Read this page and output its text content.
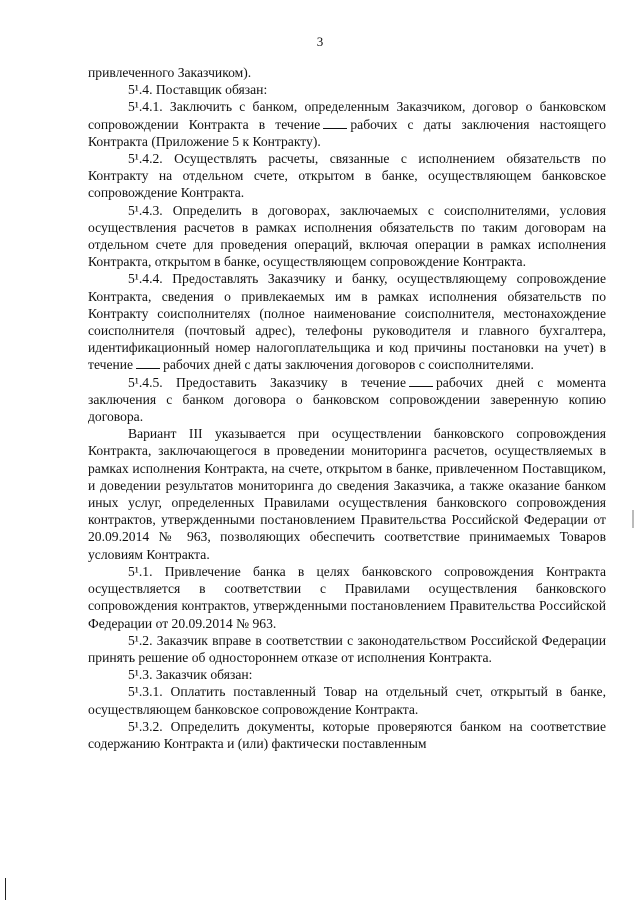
3

привлеченного Заказчиком).

5¹.4. Поставщик обязан:

5¹.4.1. Заключить с банком, определенным Заказчиком, договор о банковском сопровождении Контракта в течение рабочих с даты заключения настоящего Контракта (Приложение 5 к Контракту).

5¹.4.2. Осуществлять расчеты, связанные с исполнением обязательств по Контракту на отдельном счете, открытом в банке, осуществляющем банковское сопровождение Контракта.

5¹.4.3. Определить в договорах, заключаемых с соисполнителями, условия осуществления расчетов в рамках исполнения обязательств по таким договорам на отдельном счете для проведения операций, включая операции в рамках исполнения Контракта, открытом в банке, осуществляющем сопровождение Контракта.

5¹.4.4. Предоставлять Заказчику и банку, осуществляющему сопровождение Контракта, сведения о привлекаемых им в рамках исполнения обязательств по Контракту соисполнителях (полное наименование соисполнителя, местонахождение соисполнителя (почтовый адрес), телефоны руководителя и главного бухгалтера, идентификационный номер налогоплательщика и код причины постановки на учет) в течение рабочих дней с даты заключения договоров с соисполнителями.

5¹.4.5. Предоставить Заказчику в течение рабочих дней с момента заключения с банком договора о банковском сопровождении заверенную копию договора.

Вариант III указывается при осуществлении банковского сопровождения Контракта, заключающегося в проведении мониторинга расчетов, осуществляемых в рамках исполнения Контракта, на счете, открытом в банке, привлеченном Поставщиком, и доведении результатов мониторинга до сведения Заказчика, а также оказание банком иных услуг, определенных Правилами осуществления банковского сопровождения контрактов, утвержденными постановлением Правительства Российской Федерации от 20.09.2014 № 963, позволяющих обеспечить соответствие принимаемых Товаров условиям Контракта.

5¹.1. Привлечение банка в целях банковского сопровождения Контракта осуществляется в соответствии с Правилами осуществления банковского сопровождения контрактов, утвержденными постановлением Правительства Российской Федерации от 20.09.2014 № 963.

5¹.2. Заказчик вправе в соответствии с законодательством Российской Федерации принять решение об одностороннем отказе от исполнения Контракта.

5¹.3. Заказчик обязан:

5¹.3.1. Оплатить поставленный Товар на отдельный счет, открытый в банке, осуществляющем банковское сопровождение Контракта.

5¹.3.2. Определить документы, которые проверяются банком на соответствие содержанию Контракта и (или) фактически поставленным
